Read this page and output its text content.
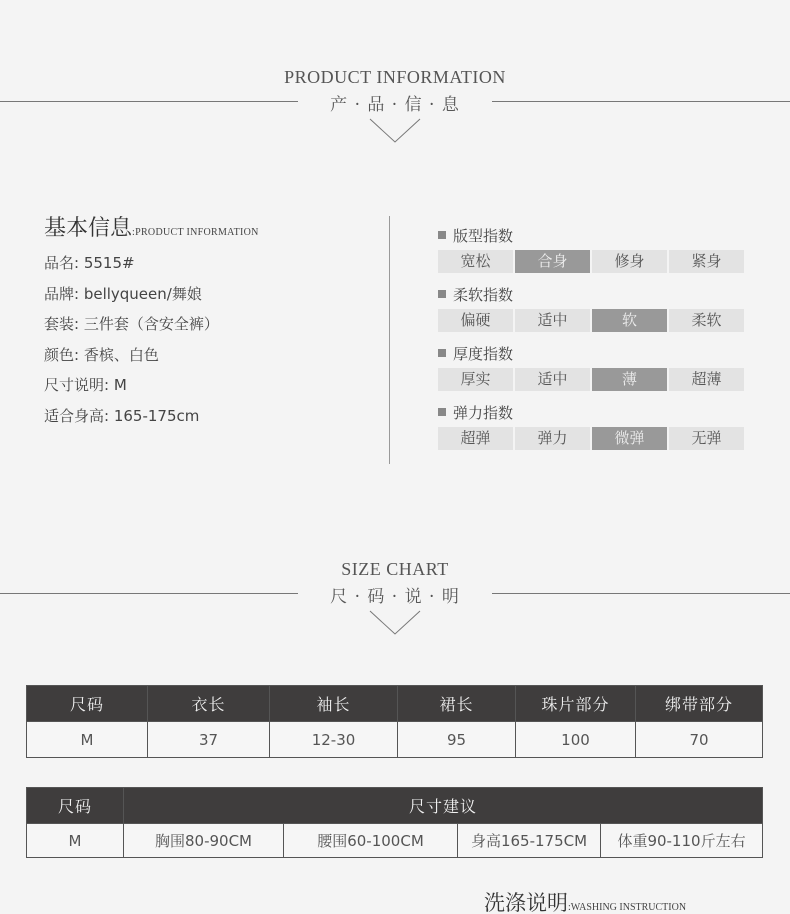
PRODUCT INFORMATION
产 · 品 · 信 · 息
基本信息:PRODUCT INFORMATION
品名: 5515#
品牌: bellyqueen/舞娘
套装: 三件套（含安全裤）
颜色: 香槟、白色
尺寸说明: M
适合身高: 165-175cm
版型指数
宽松	合身	修身	紧身
柔软指数
偏硬	适中	软	柔软
厚度指数
厚实	适中	薄	超薄
弹力指数
超弹	弹力	微弹	无弹
SIZE CHART
尺 · 码 · 说 · 明
尺码	衣长	袖长	裙长	珠片部分	绑带部分
M	37	12-30	95	100	70
尺码	尺寸建议			
M	胸围80-90CM	腰围60-100CM	身高165-175CM	体重90-110斤左右
洗涤说明:WASHING INSTRUCTION
